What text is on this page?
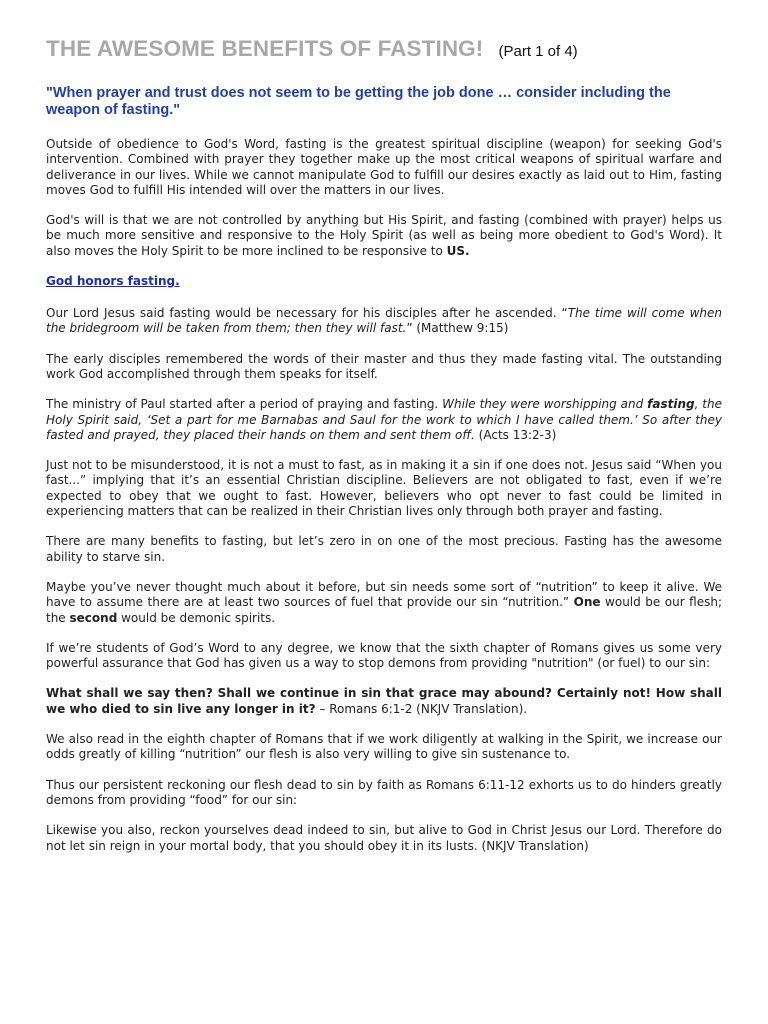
THE AWESOME BENEFITS OF FASTING! (Part 1 of 4)
"When prayer and trust does not seem to be getting the job done … consider including the weapon of fasting."

Outside of obedience to God's Word, fasting is the greatest spiritual discipline (weapon) for seeking God's intervention. Combined with prayer they together make up the most critical weapons of spiritual warfare and deliverance in our lives. While we cannot manipulate God to fulfill our desires exactly as laid out to Him, fasting moves God to fulfill His intended will over the matters in our lives.

God's will is that we are not controlled by anything but His Spirit, and fasting (combined with prayer) helps us be much more sensitive and responsive to the Holy Spirit (as well as being more obedient to God's Word). It also moves the Holy Spirit to be more inclined to be responsive to US.

God honors fasting.

Our Lord Jesus said fasting would be necessary for his disciples after he ascended. “The time will come when the bridegroom will be taken from them; then they will fast.” (Matthew 9:15)

The early disciples remembered the words of their master and thus they made fasting vital. The outstanding work God accomplished through them speaks for itself.

The ministry of Paul started after a period of praying and fasting. While they were worshipping and fasting, the Holy Spirit said, ‘Set a part for me Barnabas and Saul for the work to which I have called them.’ So after they fasted and prayed, they placed their hands on them and sent them off. (Acts 13:2-3)

Just not to be misunderstood, it is not a must to fast, as in making it a sin if one does not. Jesus said “When you fast...” implying that it’s an essential Christian discipline. Believers are not obligated to fast, even if we’re expected to obey that we ought to fast. However, believers who opt never to fast could be limited in experiencing matters that can be realized in their Christian lives only through both prayer and fasting.

There are many benefits to fasting, but let’s zero in on one of the most precious. Fasting has the awesome ability to starve sin.

Maybe you’ve never thought much about it before, but sin needs some sort of “nutrition” to keep it alive. We have to assume there are at least two sources of fuel that provide our sin “nutrition.” One would be our flesh; the second would be demonic spirits.

If we’re students of God’s Word to any degree, we know that the sixth chapter of Romans gives us some very powerful assurance that God has given us a way to stop demons from providing "nutrition" (or fuel) to our sin:

What shall we say then? Shall we continue in sin that grace may abound? Certainly not! How shall we who died to sin live any longer in it? – Romans 6:1-2 (NKJV Translation).

We also read in the eighth chapter of Romans that if we work diligently at walking in the Spirit, we increase our odds greatly of killing “nutrition” our flesh is also very willing to give sin sustenance to.

Thus our persistent reckoning our flesh dead to sin by faith as Romans 6:11-12 exhorts us to do hinders greatly demons from providing “food” for our sin:

Likewise you also, reckon yourselves dead indeed to sin, but alive to God in Christ Jesus our Lord. Therefore do not let sin reign in your mortal body, that you should obey it in its lusts. (NKJV Translation)
